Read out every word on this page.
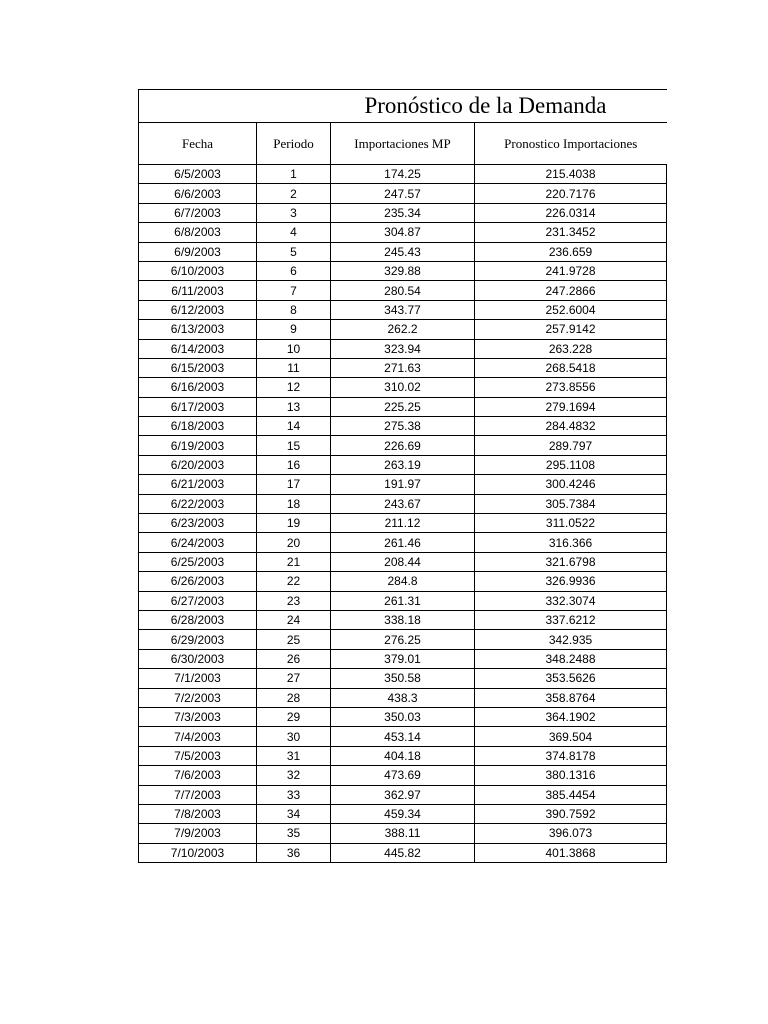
Pronóstico de la Demanda			
Fecha	Periodo	Importaciones MP	Pronostico Importaciones
6/5/2003	1	174.25	215.4038
6/6/2003	2	247.57	220.7176
6/7/2003	3	235.34	226.0314
6/8/2003	4	304.87	231.3452
6/9/2003	5	245.43	236.659
6/10/2003	6	329.88	241.9728
6/11/2003	7	280.54	247.2866
6/12/2003	8	343.77	252.6004
6/13/2003	9	262.2	257.9142
6/14/2003	10	323.94	263.228
6/15/2003	11	271.63	268.5418
6/16/2003	12	310.02	273.8556
6/17/2003	13	225.25	279.1694
6/18/2003	14	275.38	284.4832
6/19/2003	15	226.69	289.797
6/20/2003	16	263.19	295.1108
6/21/2003	17	191.97	300.4246
6/22/2003	18	243.67	305.7384
6/23/2003	19	211.12	311.0522
6/24/2003	20	261.46	316.366
6/25/2003	21	208.44	321.6798
6/26/2003	22	284.8	326.9936
6/27/2003	23	261.31	332.3074
6/28/2003	24	338.18	337.6212
6/29/2003	25	276.25	342.935
6/30/2003	26	379.01	348.2488
7/1/2003	27	350.58	353.5626
7/2/2003	28	438.3	358.8764
7/3/2003	29	350.03	364.1902
7/4/2003	30	453.14	369.504
7/5/2003	31	404.18	374.8178
7/6/2003	32	473.69	380.1316
7/7/2003	33	362.97	385.4454
7/8/2003	34	459.34	390.7592
7/9/2003	35	388.11	396.073
7/10/2003	36	445.82	401.3868
